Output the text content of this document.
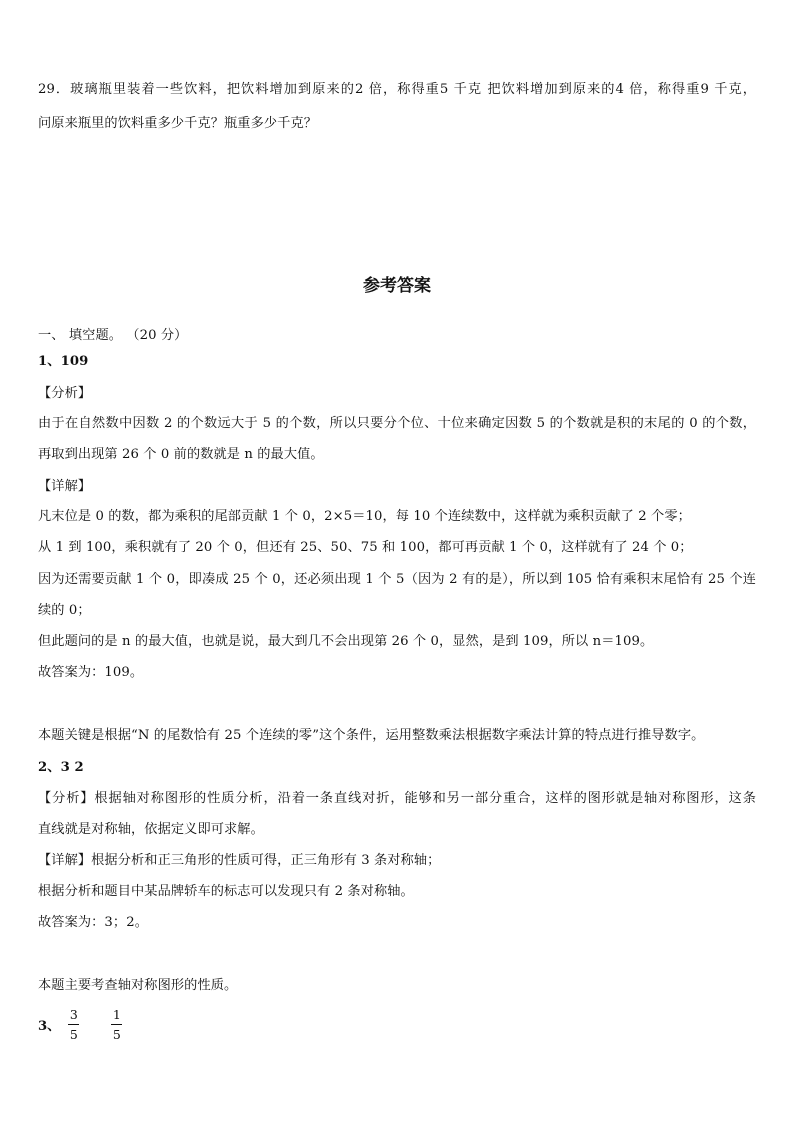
29．玻璃瓶里装着一些饮料，把饮料增加到原来的2 倍，称得重5 千克 把饮料增加到原来的4 倍，称得重9 千克，
问原来瓶里的饮料重多少千克？瓶重多少千克？
参考答案
一、 填空题。 （20 分）
1、109
【分析】
由于在自然数中因数 2 的个数远大于 5 的个数，所以只要分个位、十位来确定因数 5 的个数就是积的末尾的 0 的个数，
再取到出现第 26 个 0 前的数就是 n 的最大值。
【详解】
凡末位是 0 的数，都为乘积的尾部贡献 1 个 0，2×5＝10，每 10 个连续数中，这样就为乘积贡献了 2 个零；
从 1 到 100，乘积就有了 20 个 0，但还有 25、50、75 和 100，都可再贡献 1 个 0，这样就有了 24 个 0；
因为还需要贡献 1 个 0，即凑成 25 个 0，还必须出现 1 个 5（因为 2 有的是），所以到 105 恰有乘积末尾恰有 25 个连
续的 0；
但此题问的是 n 的最大值，也就是说，最大到几不会出现第 26 个 0，显然，是到 109，所以 n＝109。
故答案为：109。
本题关键是根据“N 的尾数恰有 25 个连续的零”这个条件，运用整数乘法根据数字乘法计算的特点进行推导数字。
2、3 2
【分析】根据轴对称图形的性质分析，沿着一条直线对折，能够和另一部分重合，这样的图形就是轴对称图形，这条
直线就是对称轴，依据定义即可求解。
【详解】根据分析和正三角形的性质可得，正三角形有 3 条对称轴；
根据分析和题目中某品牌轿车的标志可以发现只有 2 条对称轴。
故答案为：3；2。
本题主要考查轴对称图形的性质。
3、 $\frac{3}{5}$	$\frac{1}{5}$
